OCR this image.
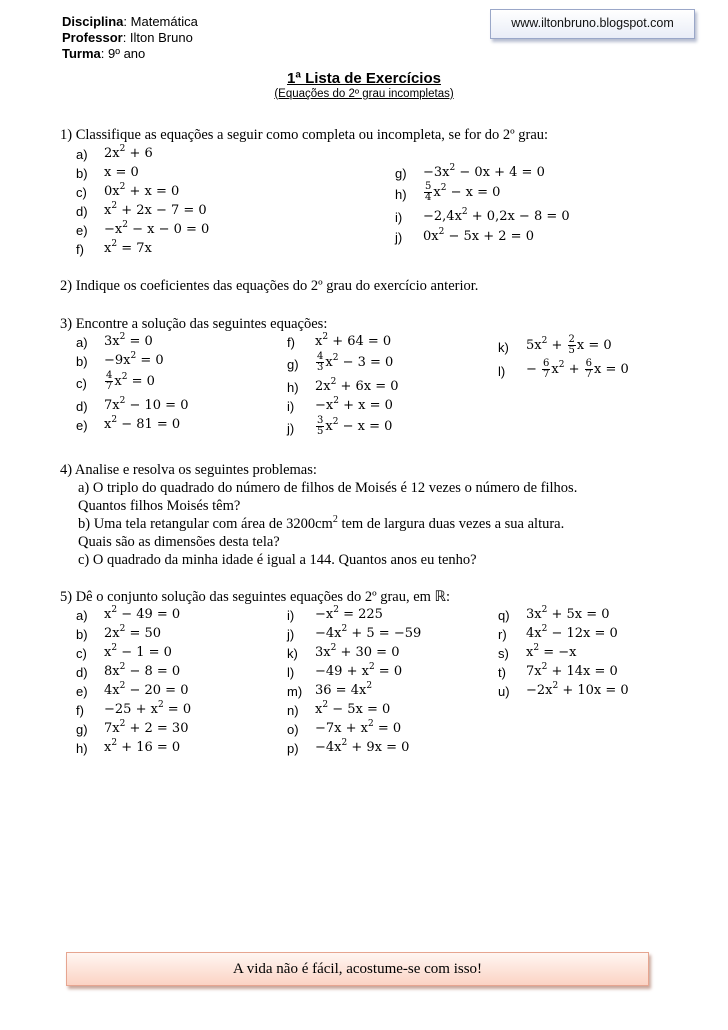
Disciplina: Matemática
Professor: Ilton Bruno
Turma: 9º ano
www.iltonbruno.blogspot.com
1ª Lista de Exercícios
(Equações do 2º grau incompletas)
1) Classifique as equações a seguir como completa ou incompleta, se for do 2º grau:
a) $2x^2 + 6$
b) x = 0
c) $0x^2 + x = 0$
d) $x^2 + 2x - 7 = 0$
$e) -x^2 - x - 0 = 0$
f) $x^2 = 7x$
$g) -3x^2 - 0x + 4 = 0$
$h) \frac{5}{4} x^2 - x = 0$
$i) -2,4x^2 + 0,2x - 8 = 0$
j) $0x^2 - 5x + 2 = 0$
2) Indique os coeficientes das equações do 2º grau do exercício anterior.
3) Encontre a solução das seguintes equações:
a) $3x^2 = 0$
$b) -9x^2 = 0$
$c) \frac{4}{7} x^2 = 0$
d) $7x^2 - 10 = 0$
e) $x^2 - 81 = 0$
f) $x^2 + 64 = 0$
$g) \frac{4}{3} x^2 - 3 = 0$
h) $2x^2 + 6x = 0$
$i) -x^2 + x = 0$
$j) \frac{3}{5} x^2 - x = 0$
k) $5x^2 + \frac{2}{5}$ x = 0
$l) - \frac{6}{7} x^2 + \frac{6}{7}$ x = 0
4) Analise e resolva os seguintes problemas:
a) O triplo do quadrado do número de filhos de Moisés é 12 vezes o número de filhos.
Quantos filhos Moisés têm?
b) Uma tela retangular com área de $3200cm^2$ tem de largura duas vezes a sua altura.
Quais são as dimensões desta tela?
c) O quadrado da minha idade é igual a 144. Quantos anos eu tenho?
5) Dê o conjunto solução das seguintes equações do 2º grau, em ℝ:
a) $x^2 - 49 = 0$
b) $2x^2 = 50$
c) $x^2 - 1 = 0$
d) $8x^2 - 8 = 0$
e) $4x^2 - 20 = 0$
$f) -25 + x^2 = 0$
g) $7x^2 + 2 = 30$
h) $x^2 + 16 = 0$
$i) -x^2 = 225$
$j) -4x^2 + 5 = -59$
k) $3x^2 + 30 = 0$
$l) -49 + x^2 = 0$
m) $36 = 4x^2$
n) $x^2 - 5x = 0$
$o) -7x + x^2 = 0$
$p) -4x^2 + 9x = 0$
q) $3x^2 + 5x = 0$
r) $4x^2 - 12x = 0$
s) $x^2 = -x$
t) $7x^2 + 14x = 0$
$u) -2x^2 + 10x = 0$
A vida não é fácil, acostume-se com isso!
